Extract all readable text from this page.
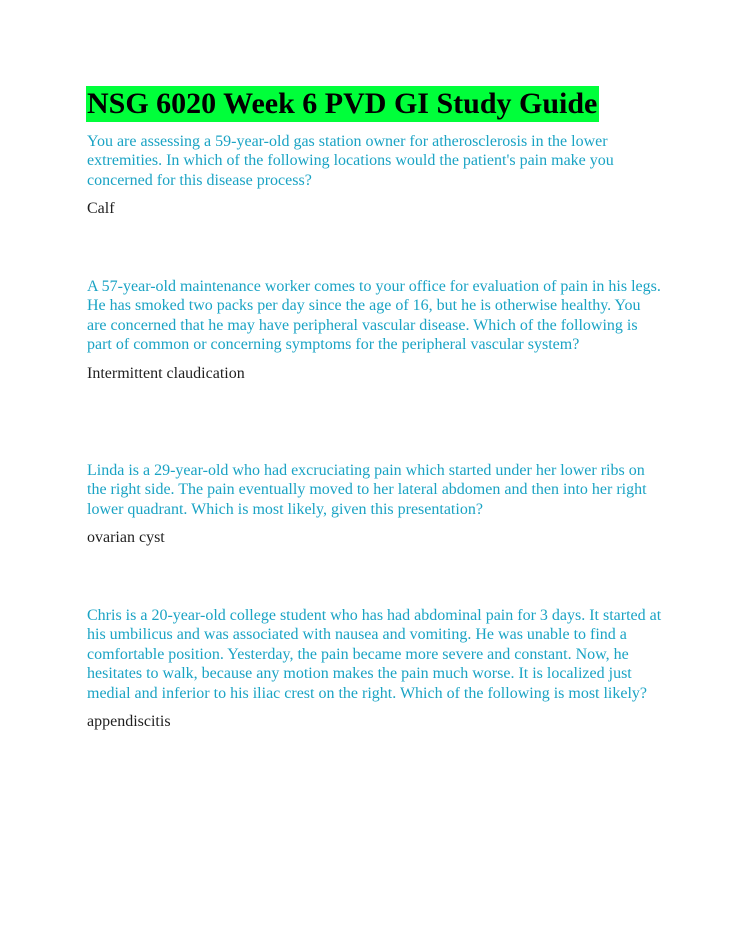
NSG 6020 Week 6 PVD GI Study Guide

You are assessing a 59-year-old gas station owner for atherosclerosis in the lower extremities. In which of the following locations would the patient's pain make you concerned for this disease process?

Calf

A 57-year-old maintenance worker comes to your office for evaluation of pain in his legs. He has smoked two packs per day since the age of 16, but he is otherwise healthy. You are concerned that he may have peripheral vascular disease. Which of the following is part of common or concerning symptoms for the peripheral vascular system?

Intermittent claudication

Linda is a 29-year-old who had excruciating pain which started under her lower ribs on the right side. The pain eventually moved to her lateral abdomen and then into her right lower quadrant. Which is most likely, given this presentation?

ovarian cyst

Chris is a 20-year-old college student who has had abdominal pain for 3 days. It started at his umbilicus and was associated with nausea and vomiting. He was unable to find a comfortable position. Yesterday, the pain became more severe and constant. Now, he hesitates to walk, because any motion makes the pain much worse. It is localized just medial and inferior to his iliac crest on the right. Which of the following is most likely?

appendiscitis
